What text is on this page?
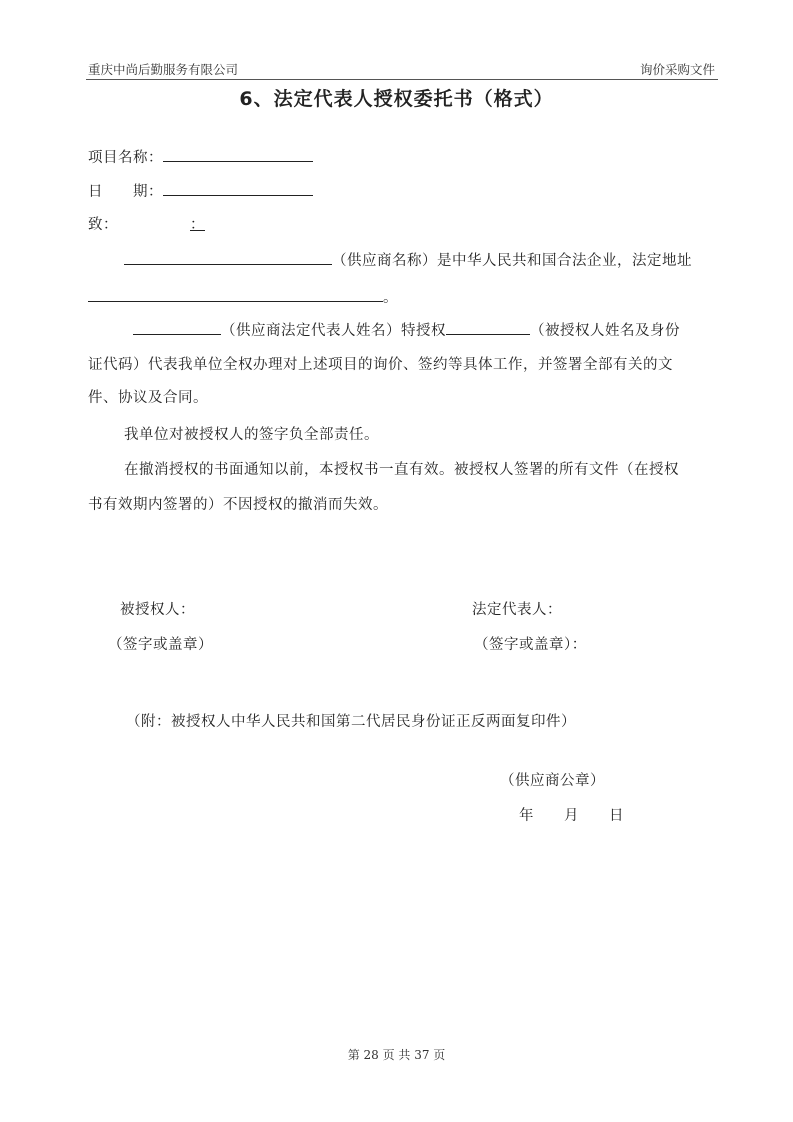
重庆中尚后勤服务有限公司	询价采购文件
6、法定代表人授权委托书（格式）
项目名称：
日　　期：
致：	：
（供应商名称）是中华人民共和国合法企业，法定地址
。
（供应商法定代表人姓名）特授权	（被授权人姓名及身份
证代码）代表我单位全权办理对上述项目的询价、签约等具体工作，并签署全部有关的文
件、协议及合同。
我单位对被授权人的签字负全部责任。
在撤消授权的书面通知以前，本授权书一直有效。被授权人签署的所有文件（在授权
书有效期内签署的）不因授权的撤消而失效。
被授权人：
（签字或盖章）
法定代表人：
（签字或盖章）：
（附：被授权人中华人民共和国第二代居民身份证正反两面复印件）
（供应商公章）
年　　月　　日
第 28 页 共 37 页
